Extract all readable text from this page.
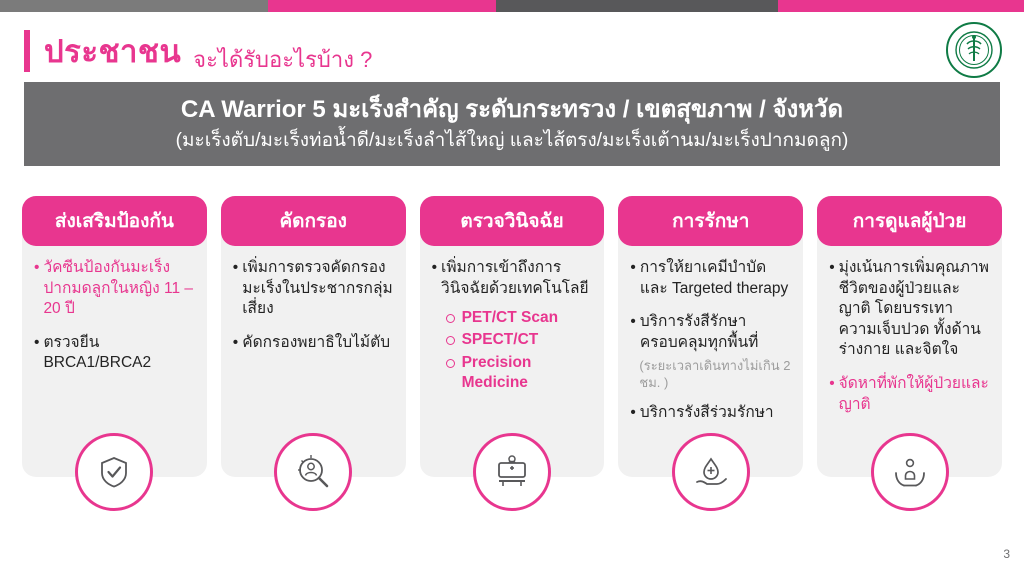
ประชาชน จะได้รับอะไรบ้าง ?
CA Warrior 5 มะเร็งสำคัญ ระดับกระทรวง / เขตสุขภาพ / จังหวัด
(มะเร็งตับ/มะเร็งท่อน้ำดี/มะเร็งลำไส้ใหญ่ และไส้ตรง/มะเร็งเต้านม/มะเร็งปากมดลูก)
ส่งเสริมป้องกัน
• วัคซีนป้องกันมะเร็งปากมดลูกในหญิง 11 – 20 ปี
• ตรวจยีน BRCA1/BRCA2
คัดกรอง
• เพิ่มการตรวจคัดกรองมะเร็งในประชากรกลุ่มเสี่ยง
• คัดกรองพยาธิใบไม้ตับ
ตรวจวินิจฉัย
• เพิ่มการเข้าถึงการวินิจฉัยด้วยเทคโนโลยี
PET/CT Scan
SPECT/CT
Precision Medicine
การรักษา
• การให้ยาเคมีบำบัด และ Targeted therapy
• บริการรังสีรักษาครอบคลุมทุกพื้นที่
(ระยะเวลาเดินทางไม่เกิน 2 ชม. )
• บริการรังสีร่วมรักษา
การดูแลผู้ป่วย
• มุ่งเน้นการเพิ่มคุณภาพชีวิตของผู้ป่วยและญาติ โดยบรรเทาความเจ็บปวด ทั้งด้านร่างกาย และจิตใจ
• จัดหาที่พักให้ผู้ป่วยและญาติ
3
